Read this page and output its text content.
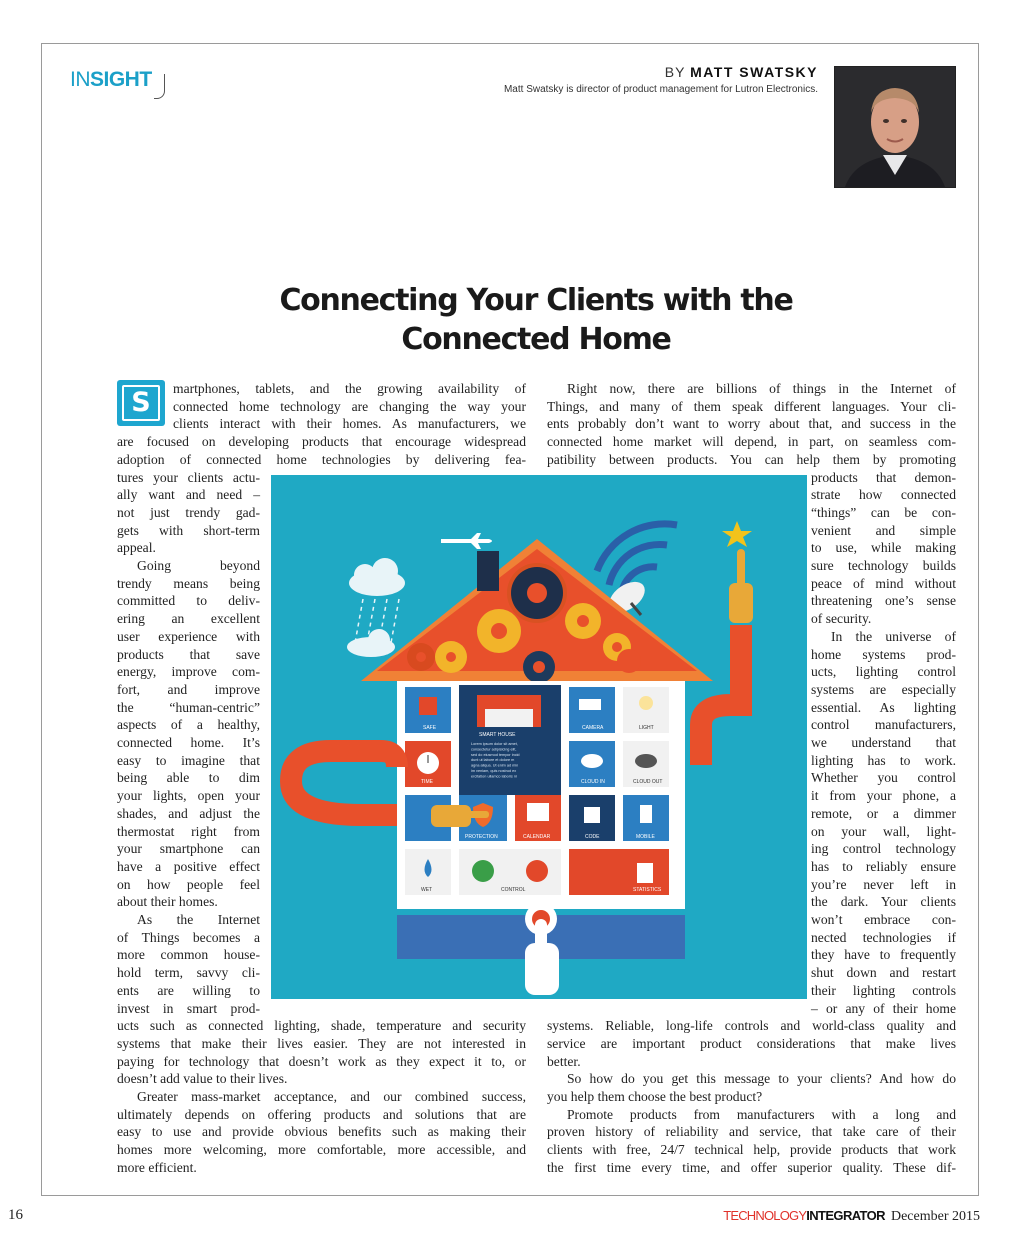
INSIGHT	BY MATT SWATSKY
Matt Swatsky is director of product management for Lutron Electronics.
Connecting Your Clients with the
Connected Home
S	martphones, tablets, and the growing availability of
connected home technology are changing the way your
clients interact with their homes. As manufacturers, we
are focused on developing products that encourage widespread
adoption of connected home technologies by delivering fea-
tures your clients actu-
ally want and need –
not just trendy gad-
gets with short-term
appeal.
Going beyond
trendy means being
committed to deliv-
ering an excellent
user experience with
products that save
energy, improve com-
fort, and improve
the “human-centric”
aspects of a healthy,
connected home. It’s
easy to imagine that
being able to dim
your lights, open your
shades, and adjust the
thermostat right from
your smartphone can
have a positive effect
on how people feel
about their homes.
As the Internet
of Things becomes a
more common house-
hold term, savvy cli-
ents are willing to
invest in smart prod-
ucts such as connected lighting, shade, temperature and security
systems that make their lives easier. They are not interested in
paying for technology that doesn’t work as they expect it to, or
doesn’t add value to their lives.
Greater mass-market acceptance, and our combined success,
ultimately depends on offering products and solutions that are
easy to use and provide obvious benefits such as making their
homes more welcoming, more comfortable, more accessible, and
more efficient.
Right now, there are billions of things in the Internet of
Things, and many of them speak different languages. Your cli-
ents probably don’t want to worry about that, and success in the
connected home market will depend, in part, on seamless com-
patibility between products. You can help them by promoting
products that demon-
strate how connected
“things” can be con-
venient and simple
to use, while making
sure technology builds
peace of mind without
threatening one’s sense
of security.
In the universe of
home systems prod-
ucts, lighting control
systems are especially
essential. As lighting
control manufacturers,
we understand that
lighting has to work.
Whether you control
it from your phone, a
remote, or a dimmer
on your wall, light-
ing control technology
has to reliably ensure
you’re never left in
the dark. Your clients
won’t embrace con-
nected technologies if
they have to frequently
shut down and restart
their lighting controls
– or any of their home
systems. Reliable, long-life controls and world-class quality and
service are important product considerations that make lives
better.
So how do you get this message to your clients? And how do
you help them choose the best product?
Promote products from manufacturers with a long and
proven history of reliability and service, that take care of their
clients with free, 24/7 technical help, provide products that work
the first time every time, and offer superior quality. These dif-
SAFE
SMART HOUSE
Lorem ipsum dolor sit amet,
consectetur adipisicing elit,
sed do eiusmod tempor incid
dunt ut labore et dolore m
agna aliqua. Ut enim ad min
im veniam, quis nostrud ex
ercitation ullamco laboris ni
CAMERA	LIGHT
TIME	CLOUD IN	CLOUD OUT
PROTECTION	CALENDAR	CODE	MOBILE
WET	CONTROL	STATISTICS
16	TECHNOLOGYINTEGRATOR December 2015
